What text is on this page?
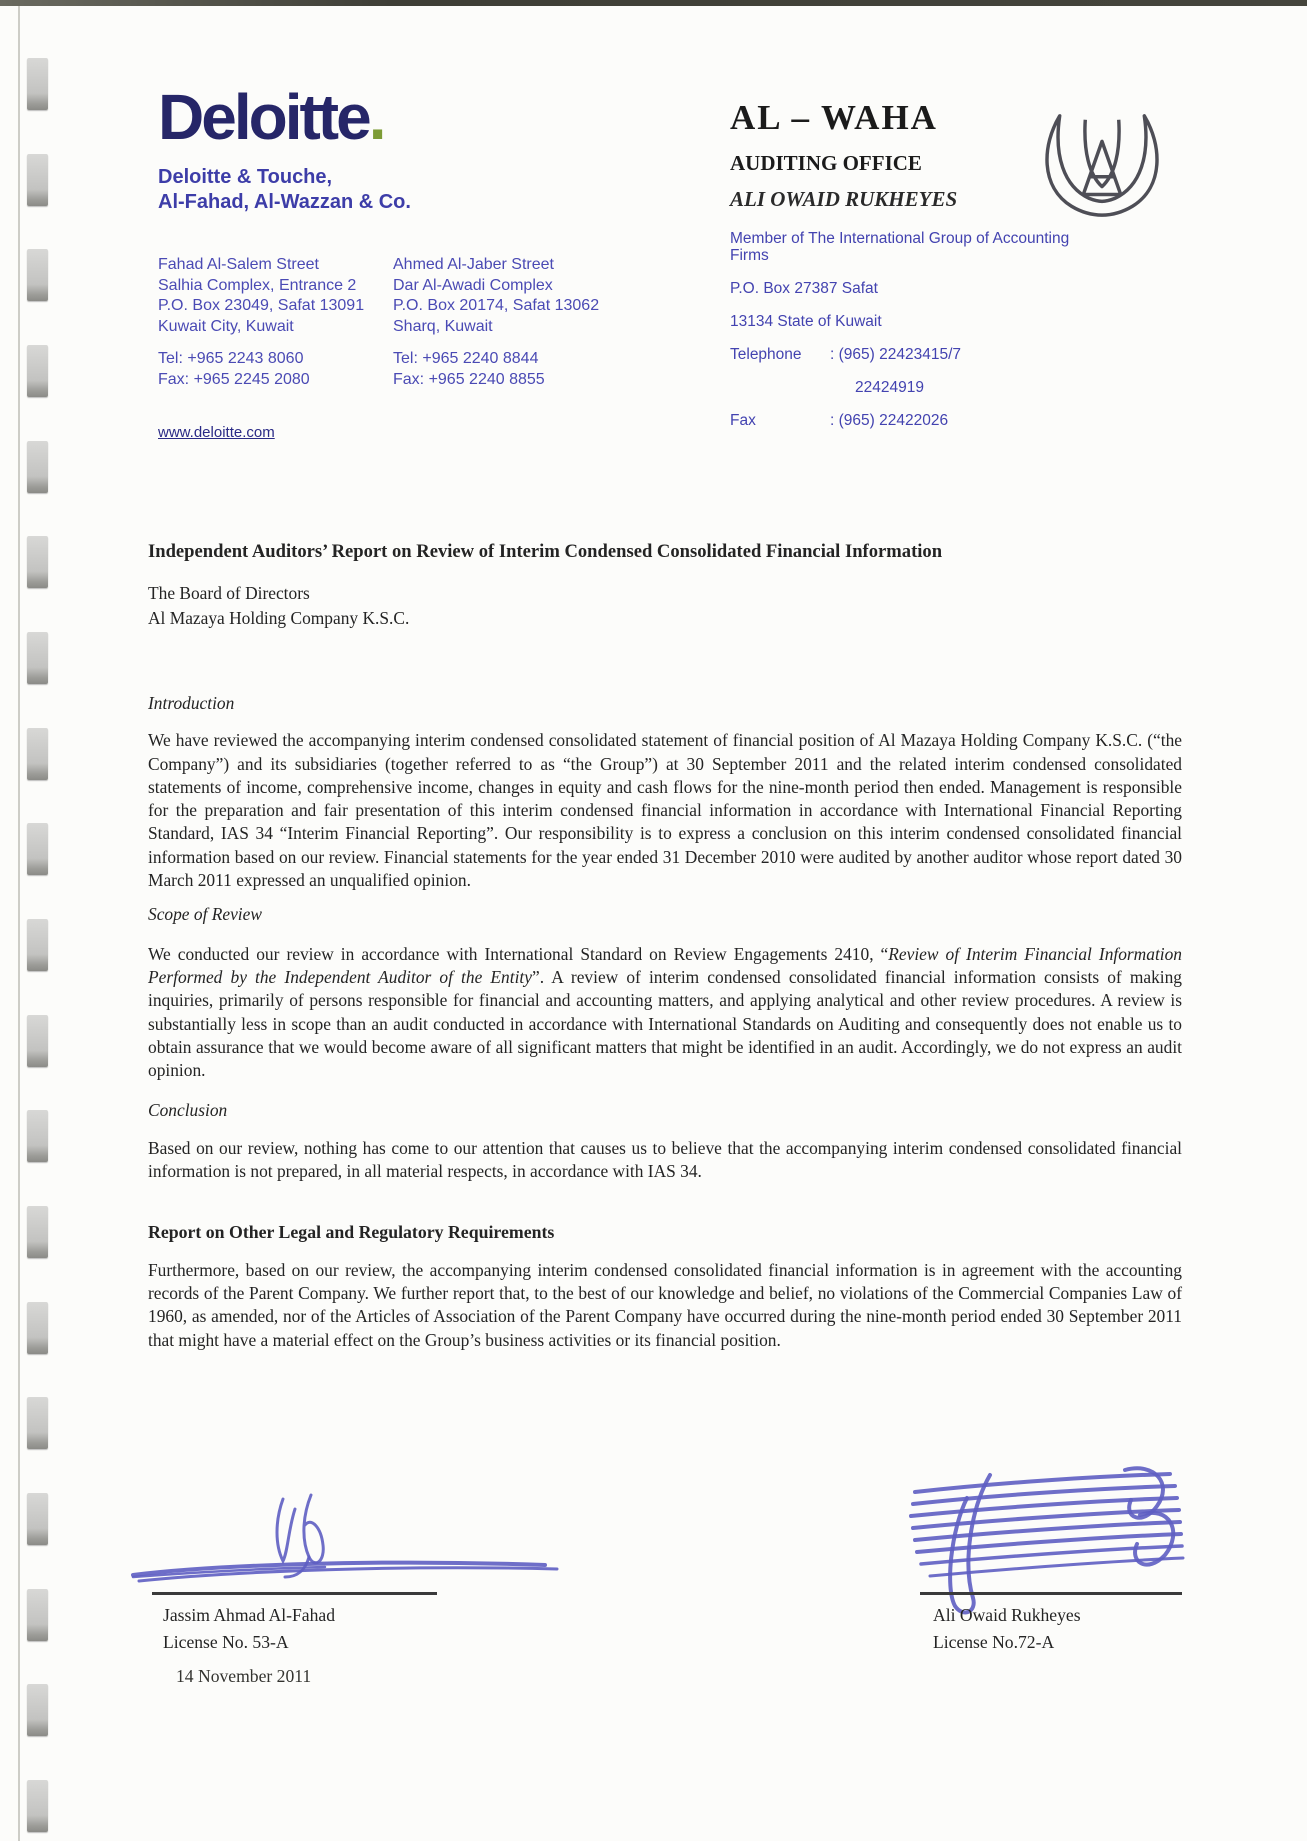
Deloitte.
Deloitte & Touche,
Al-Fahad, Al-Wazzan & Co.
Fahad Al-Salem Street
Salhia Complex, Entrance 2
P.O. Box 23049, Safat 13091
Kuwait City, Kuwait
Tel: +965 2243 8060
Fax: +965 2245 2080
Ahmed Al-Jaber Street
Dar Al-Awadi Complex
P.O. Box 20174, Safat 13062
Sharq, Kuwait
Tel: +965 2240 8844
Fax: +965 2240 8855
www.deloitte.com
AL – WAHA
AUDITING OFFICE
ALI OWAID RUKHEYES
Member of The International Group of Accounting Firms
P.O. Box 27387 Safat
13134 State of Kuwait
Telephone	: (965) 22423415/7
22424919
Fax	: (965) 22422026
Independent Auditors’ Report on Review of Interim Condensed Consolidated Financial Information
The Board of Directors
Al Mazaya Holding Company K.S.C.
Introduction

We have reviewed the accompanying interim condensed consolidated statement of financial position of Al Mazaya Holding Company K.S.C. (“the Company”) and its subsidiaries (together referred to as “the Group”) at 30 September 2011 and the related interim condensed consolidated statements of income, comprehensive income, changes in equity and cash flows for the nine-month period then ended. Management is responsible for the preparation and fair presentation of this interim condensed financial information in accordance with International Financial Reporting Standard, IAS 34 “Interim Financial Reporting”. Our responsibility is to express a conclusion on this interim condensed consolidated financial information based on our review. Financial statements for the year ended 31 December 2010 were audited by another auditor whose report dated 30 March 2011 expressed an unqualified opinion.

Scope of Review

We conducted our review in accordance with International Standard on Review Engagements 2410, “Review of Interim Financial Information Performed by the Independent Auditor of the Entity”. A review of interim condensed consolidated financial information consists of making inquiries, primarily of persons responsible for financial and accounting matters, and applying analytical and other review procedures. A review is substantially less in scope than an audit conducted in accordance with International Standards on Auditing and consequently does not enable us to obtain assurance that we would become aware of all significant matters that might be identified in an audit. Accordingly, we do not express an audit opinion.

Conclusion

Based on our review, nothing has come to our attention that causes us to believe that the accompanying interim condensed consolidated financial information is not prepared, in all material respects, in accordance with IAS 34.

Report on Other Legal and Regulatory Requirements

Furthermore, based on our review, the accompanying interim condensed consolidated financial information is in agreement with the accounting records of the Parent Company. We further report that, to the best of our knowledge and belief, no violations of the Commercial Companies Law of 1960, as amended, nor of the Articles of Association of the Parent Company have occurred during the nine-month period ended 30 September 2011 that might have a material effect on the Group’s business activities or its financial position.

Jassim Ahmad Al-Fahad
License No. 53-A
14 November 2011
Ali Owaid Rukheyes
License No.72-A
